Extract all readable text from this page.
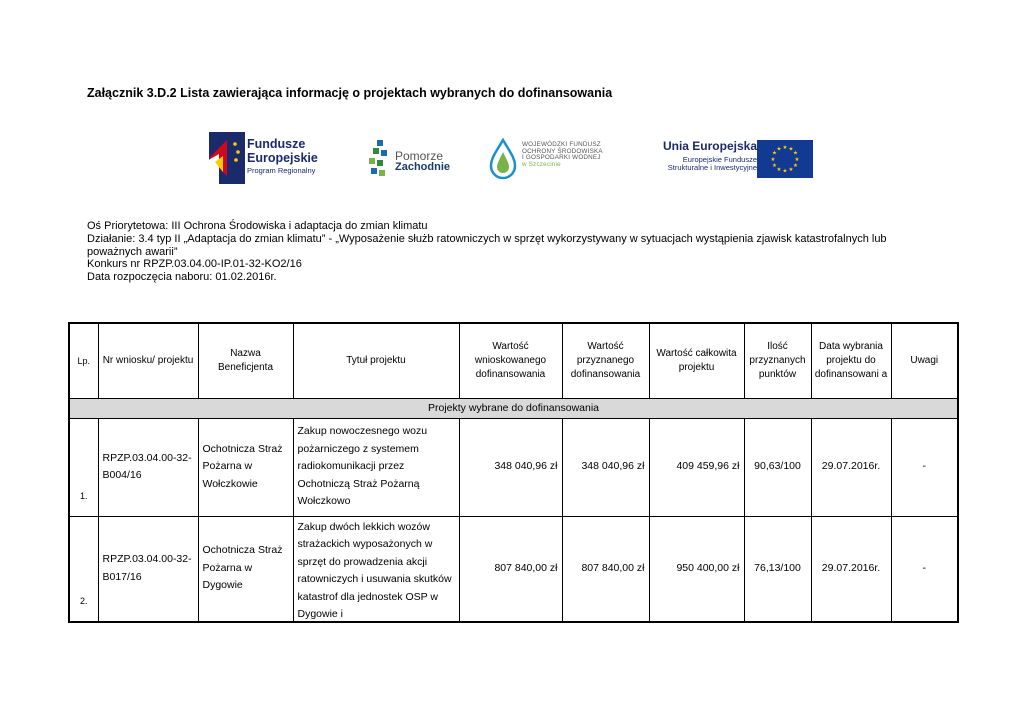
Załącznik 3.D.2 Lista zawierająca informację o projektach wybranych do dofinansowania
Fundusze
Europejskie
Program Regionalny
Pomorze
Zachodnie
WOJEWÓDZKI FUNDUSZ
OCHRONY ŚRODOWISKA
I GOSPODARKI WODNEJ
w Szczecinie
Unia Europejska
Europejskie Fundusze
Strukturalne i Inwestycyjne
★ ★
★
★
★
★
★
★
★
★
★
★
Oś Priorytetowa: III Ochrona Środowiska i adaptacja do zmian klimatu
Działanie: 3.4 typ II „Adaptacja do zmian klimatu” - „Wyposażenie służb ratowniczych w sprzęt wykorzystywany w sytuacjach wystąpienia zjawisk katastrofalnych lub poważnych awarii”
Konkurs nr RPZP.03.04.00-IP.01-32-KO2/16
Data rozpoczęcia naboru: 01.02.2016r.
Lp.	Nr wniosku/ projektu	Nazwa Beneficjenta	Tytuł projektu	Wartość wnioskowanego dofinansowania	Wartość przyznanego dofinansowania	Wartość całkowita projektu	Ilość przyznanych punktów	Data wybrania projektu do dofinansowani a	Uwagi
Projekty wybrane do dofinansowania									
1.	RPZP.03.04.00-32-B004/16	Ochotnicza Straż Pożarna w Wołczkowie	Zakup nowoczesnego wozu pożarniczego z systemem radiokomunikacji przez Ochotniczą Straż Pożarną Wołczkowo	348 040,96 zł	348 040,96 zł	409 459,96 zł	90,63/100	29.07.2016r.	-
2.	RPZP.03.04.00-32-B017/16	Ochotnicza Straż Pożarna w Dygowie	Zakup dwóch lekkich wozów strażackich wyposażonych w sprzęt do prowadzenia akcji ratowniczych i usuwania skutków katastrof dla jednostek OSP w Dygowie i	807 840,00 zł	807 840,00 zł	950 400,00 zł	76,13/100	29.07.2016r.	-
